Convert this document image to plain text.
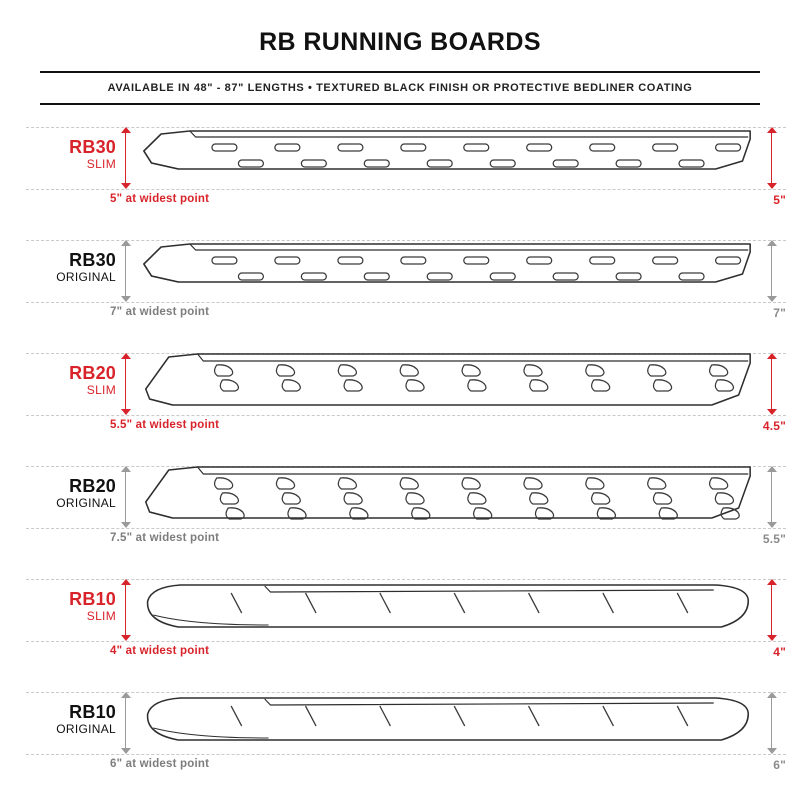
RB RUNNING BOARDS
AVAILABLE IN 48" - 87" LENGTHS • TEXTURED BLACK FINISH OR PROTECTIVE BEDLINER COATING
RB30
SLIM
5" at widest point	5"
RB30
ORIGINAL
7" at widest point	7"
RB20
SLIM
5.5" at widest point	4.5"
RB20
ORIGINAL
7.5" at widest point	5.5"
RB10
SLIM
4" at widest point	4"
RB10
ORIGINAL
6" at widest point	6"
